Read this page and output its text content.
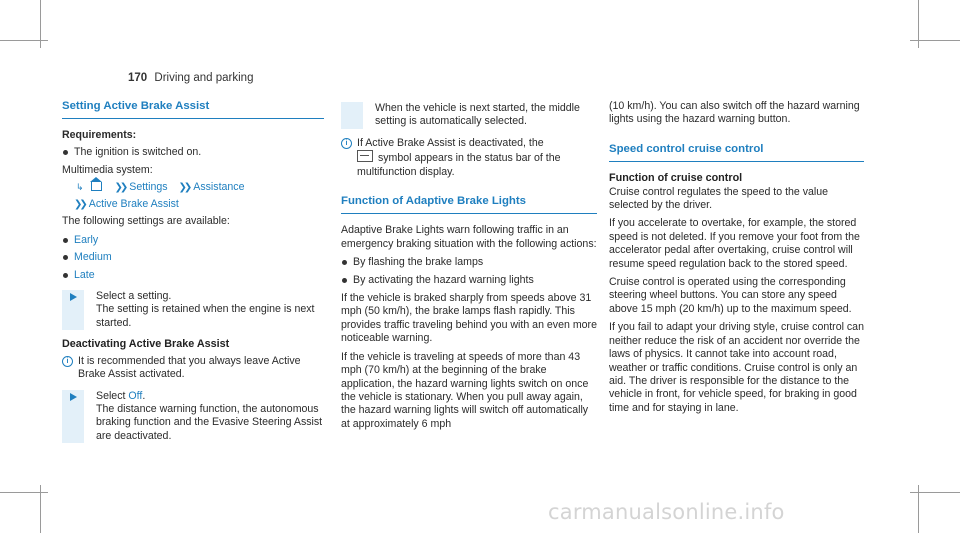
170 Driving and parking
Setting Active Brake Assist

Requirements:

The ignition is switched on.

Multimedia system:

↳	❯❯ Settings ❯❯ Assistance
❯❯ Active Brake Assist

The following settings are available:

Early
Medium
Late
Select a setting.
The setting is retained when the engine is next started.
Deactivating Active Brake Assist
i It is recommended that you always leave Active Brake Assist activated.
Select Off.
The distance warning function, the autonomous braking function and the Evasive Steering Assist are deactivated.
When the vehicle is next started, the middle setting is automatically selected.
i If Active Brake Assist is deactivated, the
symbol appears in the status bar of the multifunction display.
Function of Adaptive Brake Lights

Adaptive Brake Lights warn following traffic in an emergency braking situation with the following actions:

By flashing the brake lamps
By activating the hazard warning lights

If the vehicle is braked sharply from speeds above 31 mph (50 km/h), the brake lamps flash rapidly. This provides traffic traveling behind you with an even more noticeable warning.

If the vehicle is traveling at speeds of more than 43 mph (70 km/h) at the beginning of the brake application, the hazard warning lights switch on once the vehicle is stationary. When you pull away again, the hazard warning lights will switch off automatically at approximately 6 mph

(10 km/h). You can also switch off the hazard warning lights using the hazard warning button.

Speed control cruise control
Function of cruise control

Cruise control regulates the speed to the value selected by the driver.

If you accelerate to overtake, for example, the stored speed is not deleted. If you remove your foot from the accelerator pedal after overtaking, cruise control will resume speed regulation back to the stored speed.

Cruise control is operated using the corresponding steering wheel buttons. You can store any speed above 15 mph (20 km/h) up to the maximum speed.

If you fail to adapt your driving style, cruise control can neither reduce the risk of an accident nor override the laws of physics. It cannot take into account road, weather or traffic conditions. Cruise control is only an aid. The driver is responsible for the distance to the vehicle in front, for vehicle speed, for braking in good time and for staying in lane.

carmanualsonline.info
